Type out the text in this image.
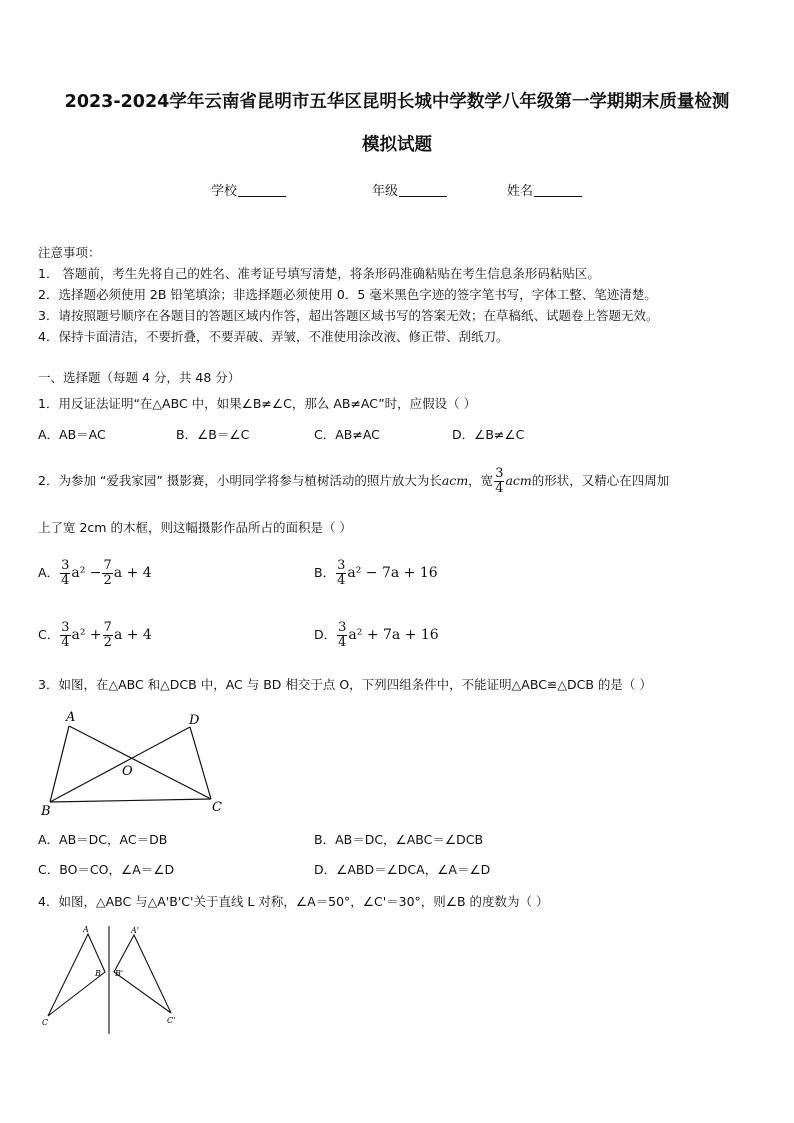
2023-2024学年云南省昆明市五华区昆明长城中学数学八年级第一学期期末质量检测
模拟试题
学校	年级	姓名
注意事项：
1． 答题前，考生先将自己的姓名、准考证号填写清楚，将条形码准确粘贴在考生信息条形码粘贴区。
2．选择题必须使用 2B 铅笔填涂；非选择题必须使用 0．5 毫米黑色字迹的签字笔书写，字体工整、笔迹清楚。
3．请按照题号顺序在各题目的答题区域内作答，超出答题区域书写的答案无效；在草稿纸、试题卷上答题无效。
4．保持卡面清洁，不要折叠，不要弄破、弄皱，不准使用涂改液、修正带、刮纸刀。
一、选择题（每题 4 分，共 48 分）
1．用反证法证明“在△ABC 中，如果∠B≠∠C，那么 AB≠AC”时，应假设（ ）
A．AB＝AC	B．∠B＝∠C	C．AB≠AC	D．∠B≠∠C
2．为参加 “爱我家园” 摄影赛，小明同学将参与植树活动的照片放大为长acm，宽 $\frac{3}{4}$ acm的形状，又精心在四周加
上了宽 2cm 的木框，则这幅摄影作品所占的面积是（ ）
A． $\frac{3}{4} a^2 - \frac{7}{2}$ a + 4	B． $\frac{3}{4} a^2 - 7a + 16$
C． $\frac{3}{4} a^2 + \frac{7}{2}$ a + 4	D． $\frac{3}{4} a^2 + 7a + 16$
3．如图，在△ABC 和△DCB 中，AC 与 BD 相交于点 O，下列四组条件中，不能证明△ABC≌△DCB 的是（ ）
A	D
O
B	C
A．AB＝DC，AC＝DB	B．AB＝DC，∠ABC＝∠DCB
C．BO＝CO，∠A＝∠D	D．∠ABD＝∠DCA，∠A＝∠D
4．如图，△ABC 与△A'B'C'关于直线 L 对称，∠A＝50°，∠C'＝30°，则∠B 的度数为（ ）
A
B
C
A'
B'
C'
